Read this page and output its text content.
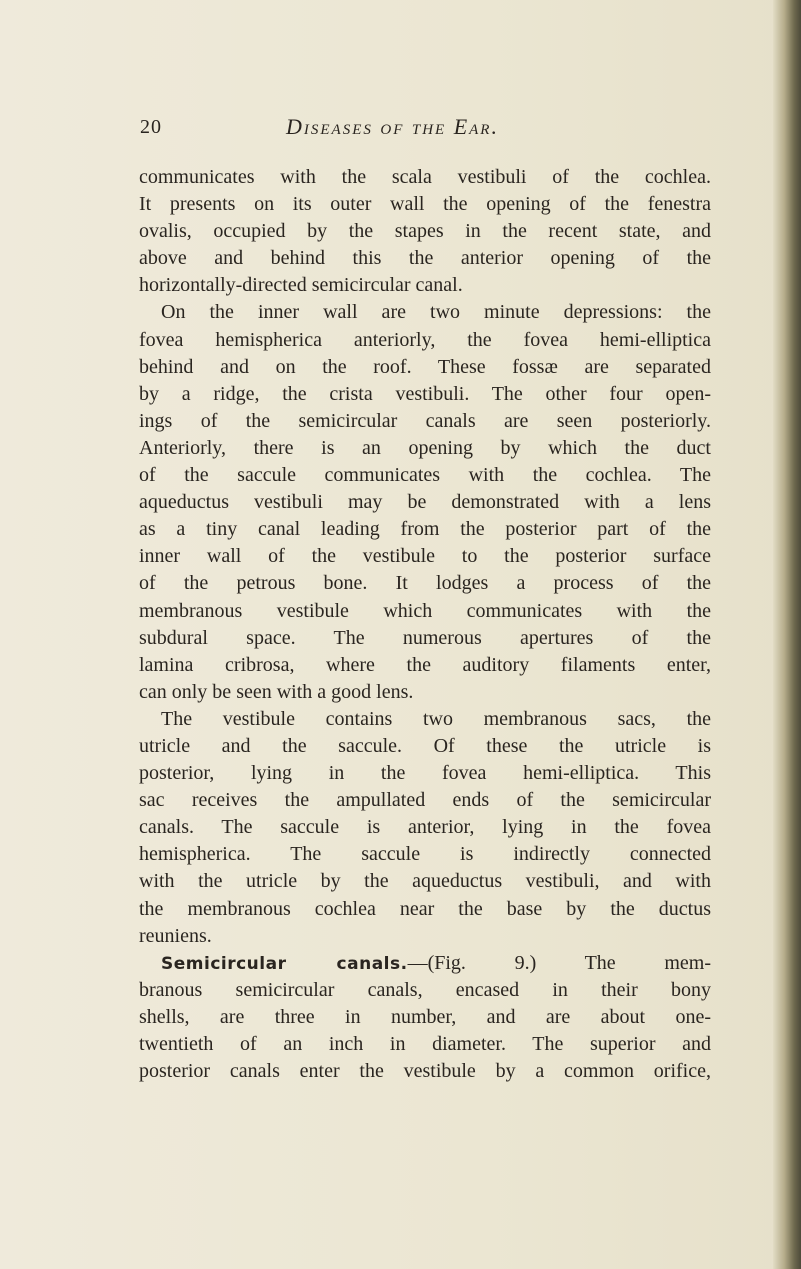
20	Diseases of the Ear.
communicates with the scala vestibuli of the cochlea.
It presents on its outer wall the opening of the fenestra
ovalis, occupied by the stapes in the recent state, and
above and behind this the anterior opening of the
horizontally-directed semicircular canal.
On the inner wall are two minute depressions: the
fovea hemispherica anteriorly, the fovea hemi-elliptica
behind and on the roof. These fossæ are separated
by a ridge, the crista vestibuli. The other four open-
ings of the semicircular canals are seen posteriorly.
Anteriorly, there is an opening by which the duct
of the saccule communicates with the cochlea. The
aqueductus vestibuli may be demonstrated with a lens
as a tiny canal leading from the posterior part of the
inner wall of the vestibule to the posterior surface
of the petrous bone. It lodges a process of the
membranous vestibule which communicates with the
subdural space. The numerous apertures of the
lamina cribrosa, where the auditory filaments enter,
can only be seen with a good lens.
The vestibule contains two membranous sacs, the
utricle and the saccule. Of these the utricle is
posterior, lying in the fovea hemi-elliptica. This
sac receives the ampullated ends of the semicircular
canals. The saccule is anterior, lying in the fovea
hemispherica. The saccule is indirectly connected
with the utricle by the aqueductus vestibuli, and with
the membranous cochlea near the base by the ductus
reuniens.
Semicircular canals.—(Fig. 9.) The mem-
branous semicircular canals, encased in their bony
shells, are three in number, and are about one-
twentieth of an inch in diameter. The superior and
posterior canals enter the vestibule by a common orifice,
